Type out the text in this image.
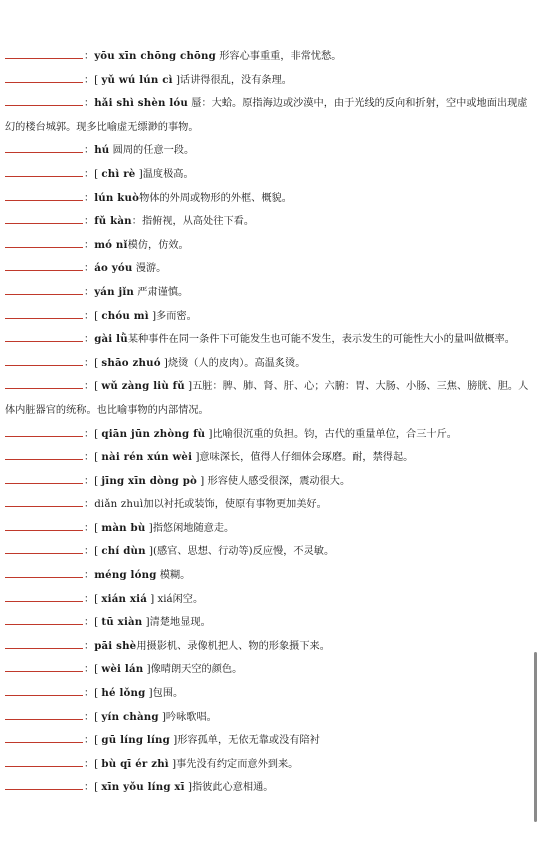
：yōu xīn chōng chōng 形容心事重重，非常忧愁。
：[ yǔ wú lún cì ]话讲得很乱，没有条理。
：hǎi shì shèn lóu 蜃：大蛤。原指海边或沙漠中，由于光线的反向和折射，空中或地面出现虚幻的楼台城郭。现多比喻虚无缥渺的事物。
：hú 圆周的任意一段。
：[ chì rè ]温度极高。
：lún kuò物体的外周或物形的外框、概貌。
：fǔ kàn：指俯视，从高处往下看。
：mó nǐ模仿，仿效。
：áo yóu 漫游。
：yán jǐn 严肃谨慎。
：[ chóu mì ]多而密。
：gài lǜ某种事件在同一条件下可能发生也可能不发生，表示发生的可能性大小的量叫做概率。
：[ shāo zhuó ]烧烫（人的皮肉）。高温炙烫。
：[ wǔ zàng liù fǔ ]五脏：脾、肺、肾、肝、心；六腑：胃、大肠、小肠、三焦、膀胱、胆。人体内脏器官的统称。也比喻事物的内部情况。
：[ qiān jūn zhòng fù ]比喻很沉重的负担。钧，古代的重量单位，合三十斤。
：[ nài rén xún wèi ]意味深长，值得人仔细体会琢磨。耐，禁得起。
：[ jīng xīn dòng pò ] 形容使人感受很深，震动很大。
：diǎn zhuì加以衬托或装饰，使原有事物更加美好。
：[ màn bù ]指悠闲地随意走。
：[ chí dùn ](感官、思想、行动等)反应慢，不灵敏。
：méng lóng 模糊。
：[ xián xiá ] xiá闲空。
：[ tū xiàn ]清楚地显现。
：pāi shè用摄影机、录像机把人、物的形象摄下来。
：[ wèi lán ]像晴朗天空的颜色。
：[ hé lǒng ]包围。
：[ yín chàng ]吟咏歌唱。
：[ gū líng líng ]形容孤单，无依无靠或没有陪衬
：[ bù qī ér zhì ]事先没有约定而意外到来。
：[ xīn yǒu líng xī ]指彼此心意相通。
